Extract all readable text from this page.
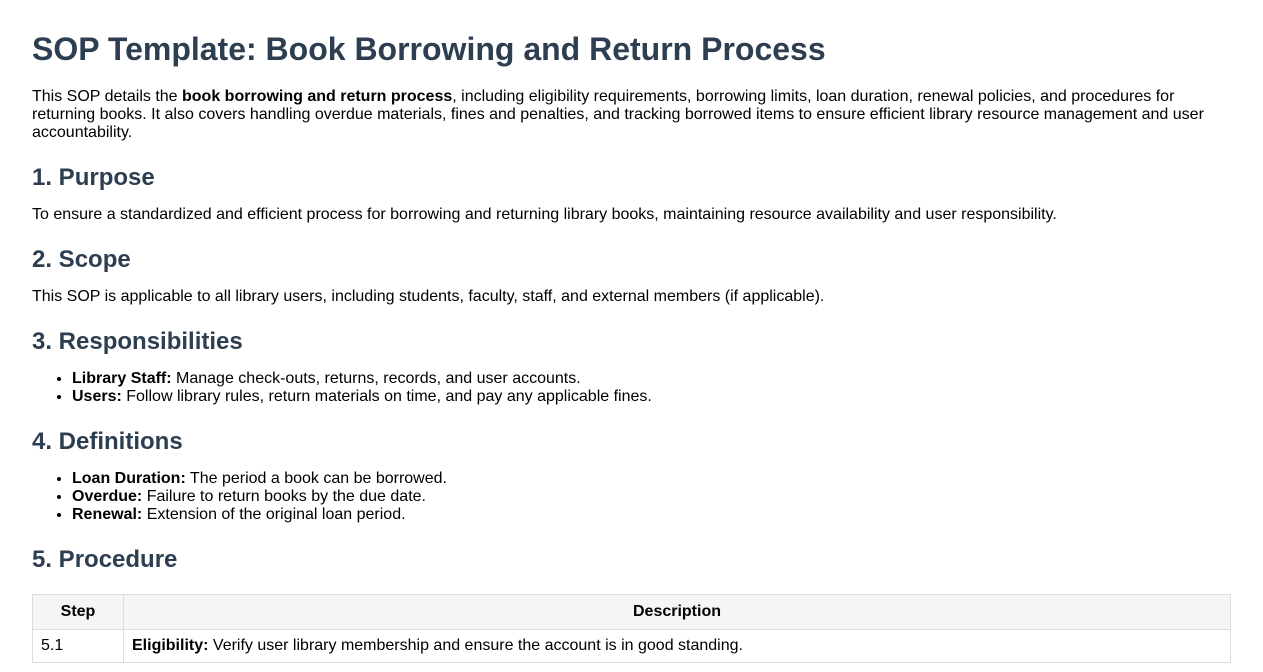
SOP Template: Book Borrowing and Return Process

This SOP details the book borrowing and return process, including eligibility requirements, borrowing limits, loan duration, renewal policies, and procedures for returning books. It also covers handling overdue materials, fines and penalties, and tracking borrowed items to ensure efficient library resource management and user accountability.

1. Purpose

To ensure a standardized and efficient process for borrowing and returning library books, maintaining resource availability and user responsibility.

2. Scope

This SOP is applicable to all library users, including students, faculty, staff, and external members (if applicable).

3. Responsibilities
• Library Staff: Manage check-outs, returns, records, and user accounts.
• Users: Follow library rules, return materials on time, and pay any applicable fines.
4. Definitions
• Loan Duration: The period a book can be borrowed.
• Overdue: Failure to return books by the due date.
• Renewal: Extension of the original loan period.
5. Procedure
Step	Description
5.1	Eligibility: Verify user library membership and ensure the account is in good standing.
